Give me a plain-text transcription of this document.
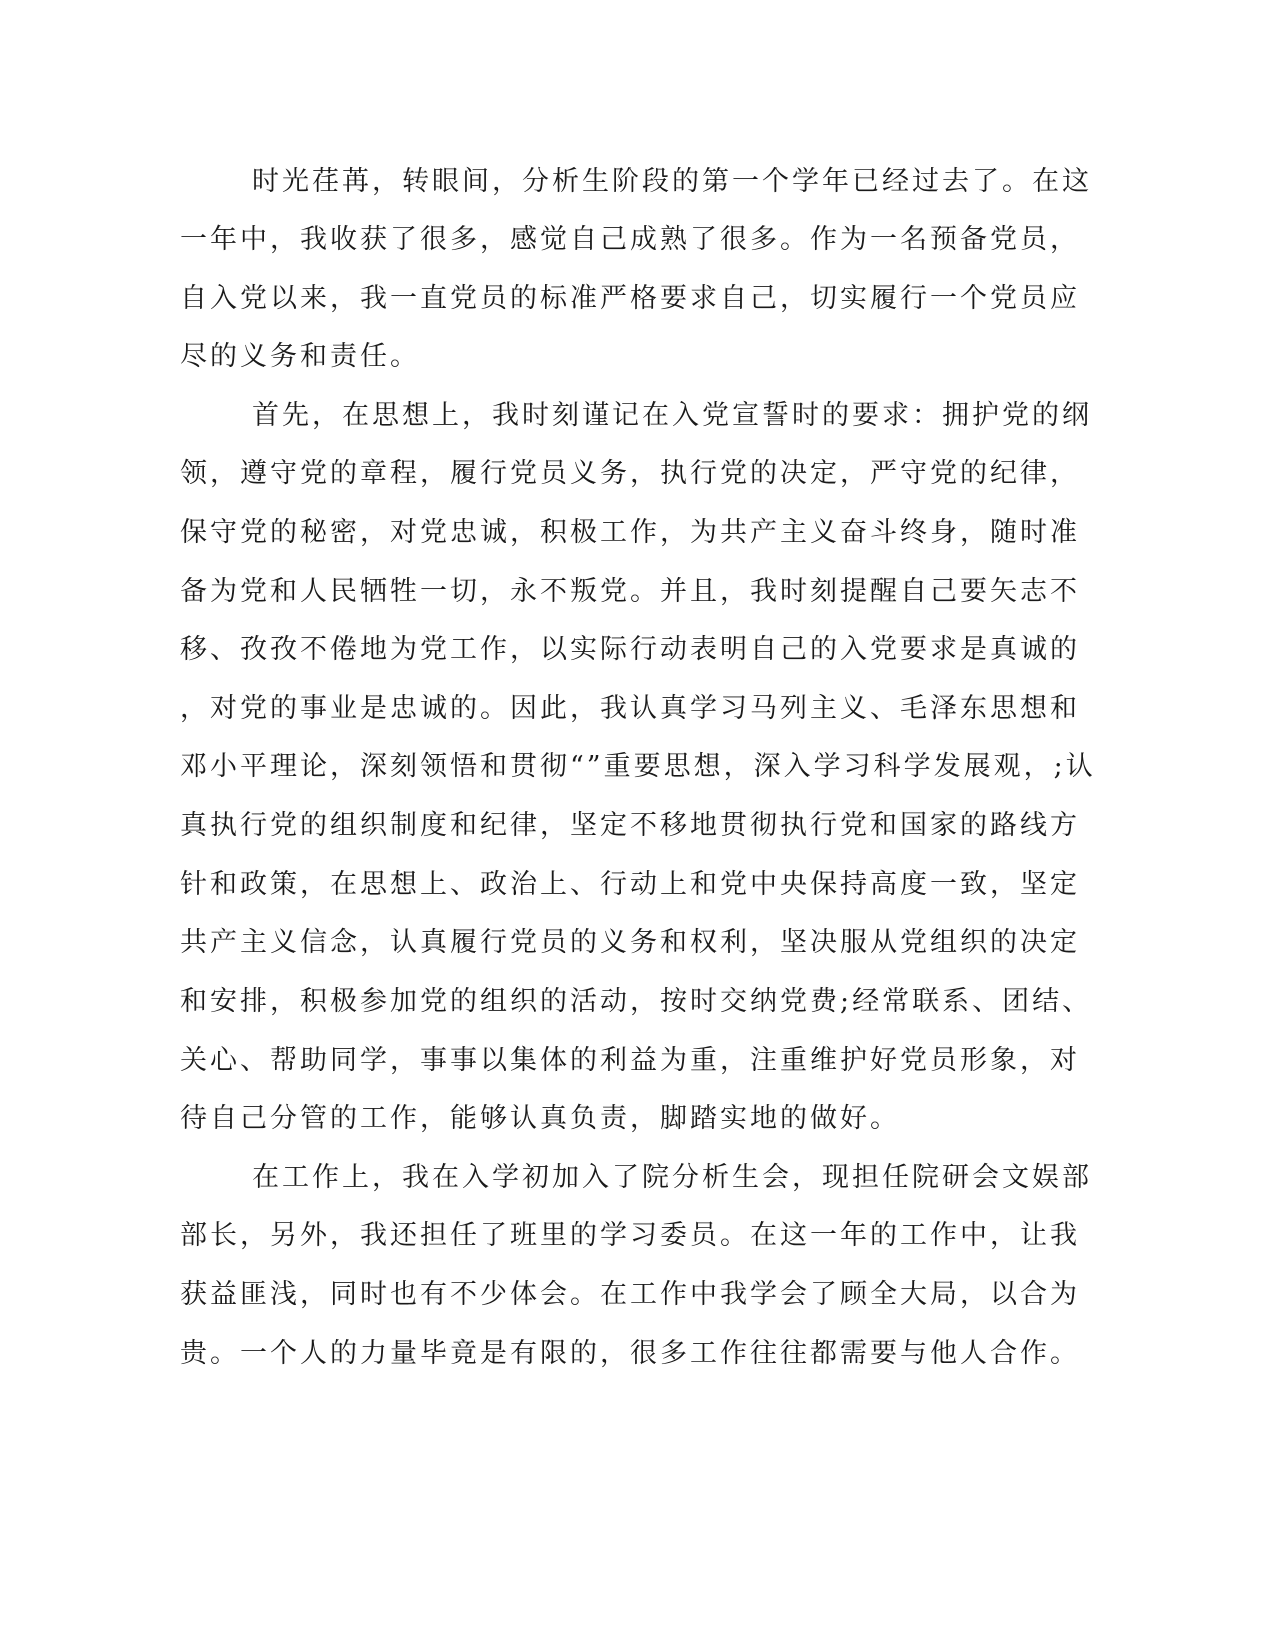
时光荏苒，转眼间，分析生阶段的第一个学年已经过去了。在这

一年中，我收获了很多，感觉自己成熟了很多。作为一名预备党员，

自入党以来，我一直党员的标准严格要求自己，切实履行一个党员应

尽的义务和责任。

首先，在思想上，我时刻谨记在入党宣誓时的要求：拥护党的纲

领，遵守党的章程，履行党员义务，执行党的决定，严守党的纪律，

保守党的秘密，对党忠诚，积极工作，为共产主义奋斗终身，随时准

备为党和人民牺牲一切，永不叛党。并且，我时刻提醒自己要矢志不

移、孜孜不倦地为党工作，以实际行动表明自己的入党要求是真诚的

，对党的事业是忠诚的。因此，我认真学习马列主义、毛泽东思想和

邓小平理论，深刻领悟和贯彻“”重要思想，深入学习科学发展观，;认

真执行党的组织制度和纪律，坚定不移地贯彻执行党和国家的路线方

针和政策，在思想上、政治上、行动上和党中央保持高度一致，坚定

共产主义信念，认真履行党员的义务和权利，坚决服从党组织的决定

和安排，积极参加党的组织的活动，按时交纳党费;经常联系、团结、

关心、帮助同学，事事以集体的利益为重，注重维护好党员形象，对

待自己分管的工作，能够认真负责，脚踏实地的做好。

在工作上，我在入学初加入了院分析生会，现担任院研会文娱部

部长，另外，我还担任了班里的学习委员。在这一年的工作中，让我

获益匪浅，同时也有不少体会。在工作中我学会了顾全大局，以合为

贵。一个人的力量毕竟是有限的，很多工作往往都需要与他人合作。
